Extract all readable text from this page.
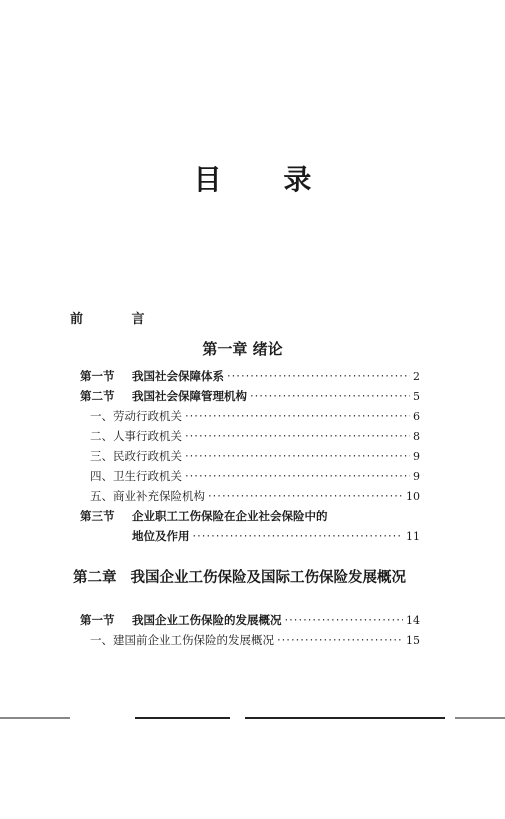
目 录
前 言
第一章 绪论
第一节	我国社会保障体系 ·····	2
第二节	我国社会保障管理机构 ·····	5
一、劳动行政机关 ·····	6
二、人事行政机关 ·····	8
三、民政行政机关 ·····	9
四、卫生行政机关 ·····	9
五、商业补充保险机构 ·····	10
第三节	企业职工工伤保险在企业社会保险中的
地位及作用 ·····	11
第二章 我国企业工伤保险及国际工伤保险发展概况
第一节	我国企业工伤保险的发展概况 ·····	14
一、建国前企业工伤保险的发展概况 ·····	15
